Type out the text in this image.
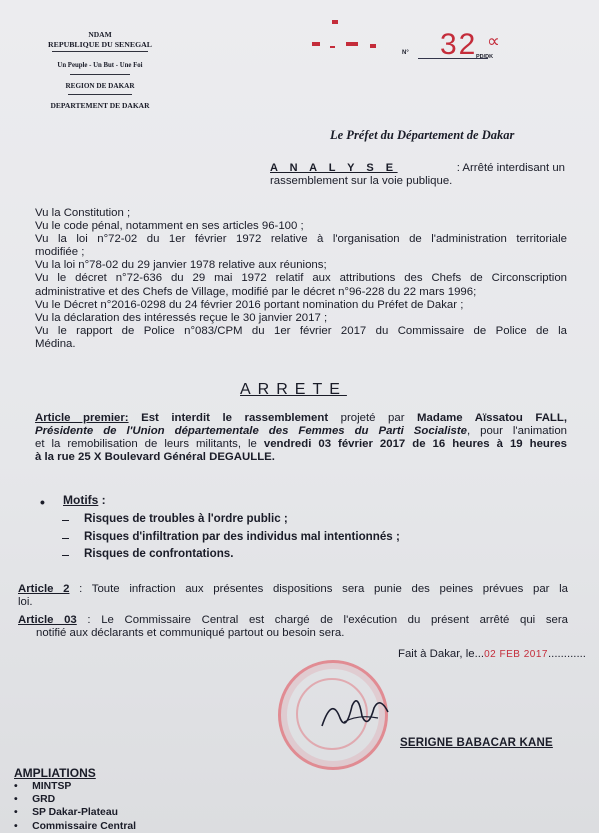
NDAM
REPUBLIQUE DU SENEGAL
Un Peuple - Un But - Une Foi
REGION DE DAKAR
DEPARTEMENT DE DAKAR
N° 32 ∝
PD/DK
Le Préfet du Département de Dakar
A N A L Y S E	: Arrêté interdisant un
rassemblement sur la voie publique.
Vu la Constitution ;
Vu le code pénal, notamment en ses articles 96-100 ;
Vu la loi n°72-02 du 1er février 1972 relative à l'organisation de l'administration territoriale
modifiée ;
Vu la loi n°78-02 du 29 janvier 1978 relative aux réunions;
Vu le décret n°72-636 du 29 mai 1972 relatif aux attributions des Chefs de Circonscription
administrative et des Chefs de Village, modifié par le décret n°96-228 du 22 mars 1996;
Vu le Décret n°2016-0298 du 24 février 2016 portant nomination du Préfet de Dakar ;
Vu la déclaration des intéressés reçue le 30 janvier 2017 ;
Vu le rapport de Police n°083/CPM du 1er février 2017 du Commissaire de Police de la
Médina.
ARRETE
Article premier: Est interdit le rassemblement projeté par Madame Aïssatou FALL,
Présidente de l'Union départementale des Femmes du Parti Socialiste, pour l'animation
et la remobilisation de leurs militants, le vendredi 03 février 2017 de 16 heures à 19 heures
à la rue 25 X Boulevard Général DEGAULLE.
• Motifs :
Risques de troubles à l'ordre public ;
Risques d'infiltration par des individus mal intentionnés ;
Risques de confrontations.
Article 2 : Toute infraction aux présentes dispositions sera punie des peines prévues par la
loi.
Article 03 : Le Commissaire Central est chargé de l'exécution du présent arrêté qui sera
notifié aux déclarants et communiqué partout ou besoin sera.
Fait à Dakar, le...02 FEB 2017............
SERIGNE BABACAR KANE
AMPLIATIONS
•     MINTSP
•     GRD
•     SP Dakar-Plateau
•     Commissaire Central
